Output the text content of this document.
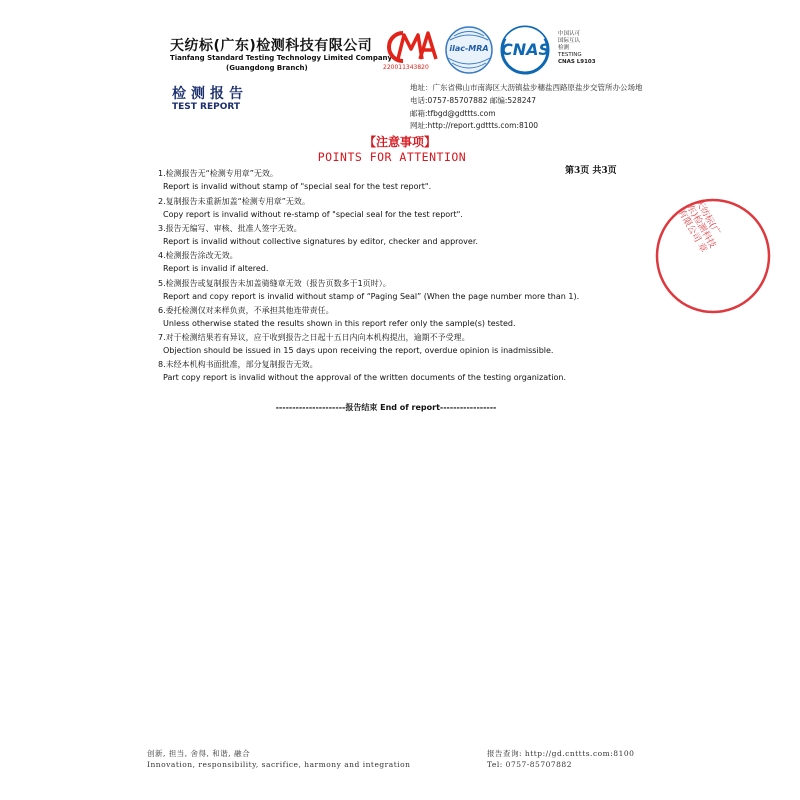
天纺标(广东)检测科技有限公司
Tianfang Standard Testing Technology Limited Company
(Guangdong Branch)
检测报告
TEST REPORT
220011343820
ilac-MRA CNAS
中国认可
国际互认
检测
TESTING
CNAS L9103
地址：广东省佛山市南海区大沥镇盐步穗盐西路原盐步交管所办公场地
电话:0757-85707882 邮编:528247
邮箱:tfbgd@gdttts.com
网址:http://report.gdttts.com:8100
【注意事项】
POINTS FOR ATTENTION
第3页 共3页
1.检测报告无“检测专用章”无效。
Report is invalid without stamp of "special seal for the test report".
2.复制报告未重新加盖“检测专用章”无效。
Copy report is invalid without re-stamp of "special seal for the test report".
3.报告无编写、审核、批准人签字无效。
Report is invalid without collective signatures by editor, checker and approver.
4.检测报告涂改无效。
Report is invalid if altered.
5.检测报告或复制报告未加盖骑缝章无效（报告页数多于1页时）。
Report and copy report is invalid without stamp of “Paging Seal” (When the page number more than 1).
6.委托检测仅对来样负责，不承担其他连带责任。
Unless otherwise stated the results shown in this report refer only the sample(s) tested.
7.对于检测结果若有异议，应于收到报告之日起十五日内向本机构提出，逾期不予受理。
Objection should be issued in 15 days upon receiving the report, overdue opinion is inadmissible.
8.未经本机构书面批准，部分复制报告无效。
Part copy report is invalid without the approval of the written documents of the testing organization.
---------------------报告结束 End of report-----------------
天纺标(广东)检测科技有限公司 章
创新, 担当, 舍得, 和谐, 融合
Innovation, responsibility, sacrifice, harmony and integration
报告查询: http://gd.cnttts.com:8100
Tel: 0757-85707882
